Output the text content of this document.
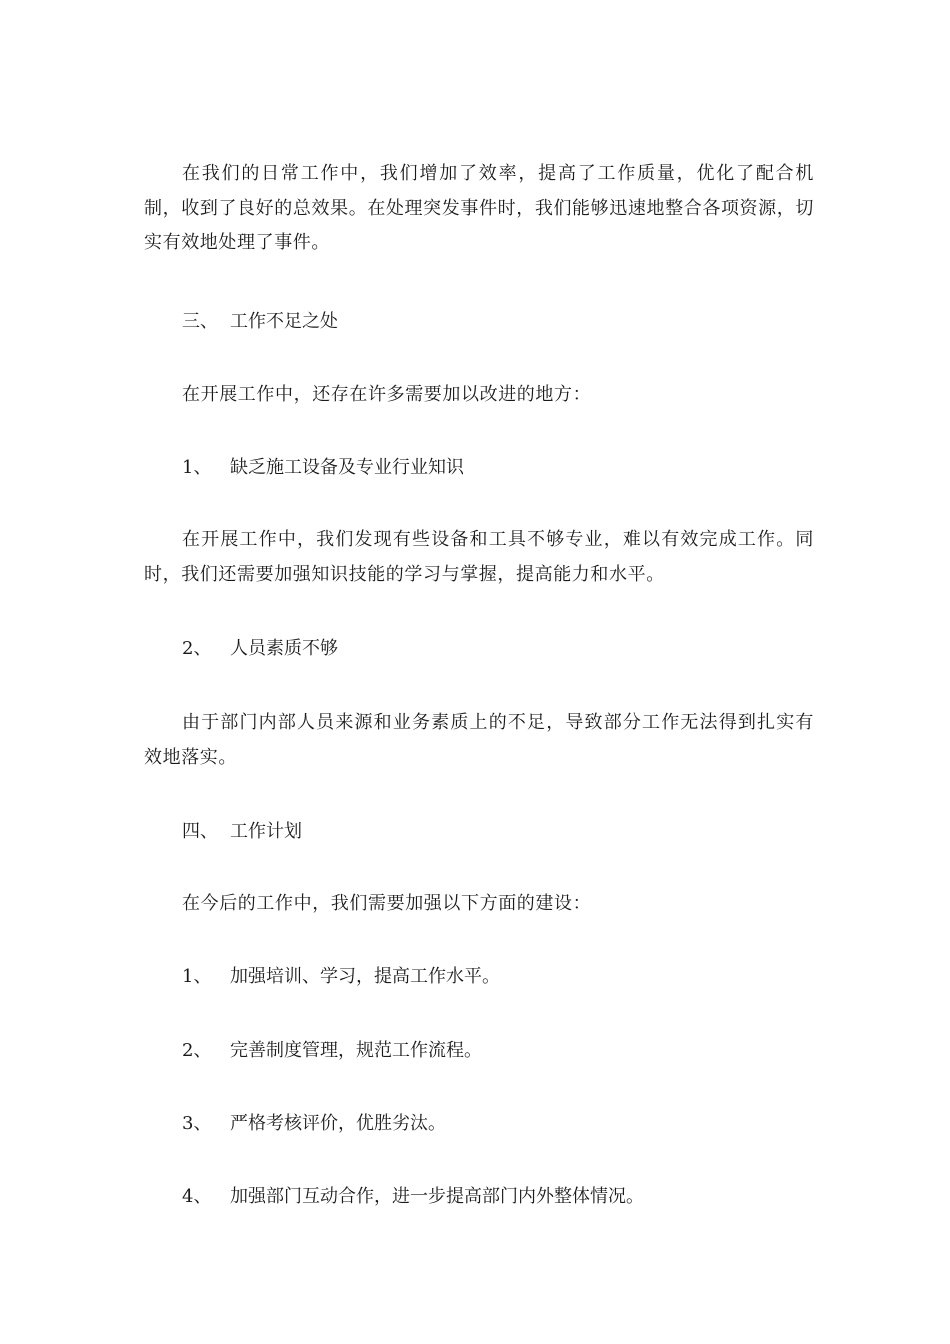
在我们的日常工作中，我们增加了效率，提高了工作质量，优化了配合机制，收到了良好的总效果。在处理突发事件时，我们能够迅速地整合各项资源，切实有效地处理了事件。

三、 工作不足之处

在开展工作中，还存在许多需要加以改进的地方：

1、 缺乏施工设备及专业行业知识

在开展工作中，我们发现有些设备和工具不够专业，难以有效完成工作。同时，我们还需要加强知识技能的学习与掌握，提高能力和水平。

2、 人员素质不够

由于部门内部人员来源和业务素质上的不足，导致部分工作无法得到扎实有效地落实。

四、 工作计划

在今后的工作中，我们需要加强以下方面的建设：

1、 加强培训、学习，提高工作水平。
2、 完善制度管理，规范工作流程。
3、 严格考核评价，优胜劣汰。
4、 加强部门互动合作，进一步提高部门内外整体情况。
